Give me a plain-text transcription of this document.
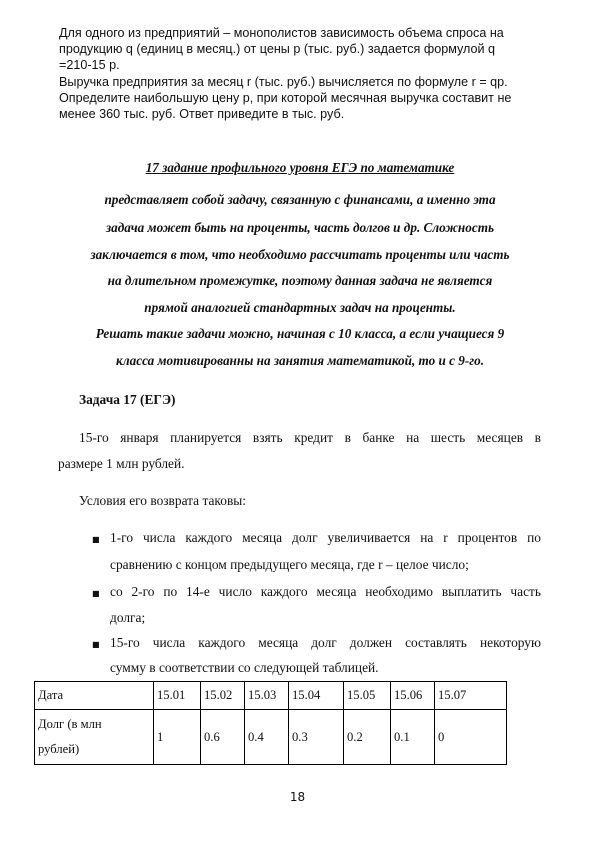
Для одного из предприятий – монополистов зависимость объема спроса на
продукцию q (единиц в месяц.) от цены p (тыс. руб.) задается формулой q
=210-15 p.
Выручка предприятия за месяц r (тыс. руб.) вычисляется по формуле r = qp.
Определите наибольшую цену p, при которой месячная выручка составит не
менее 360 тыс. руб. Ответ приведите в тыс. руб.
17 задание профильного уровня ЕГЭ по математике
представляет собой задачу, связанную с финансами, а именно эта
задача может быть на проценты, часть долгов и др. Сложность
заключается в том, что необходимо рассчитать проценты или часть
на длительном промежутке, поэтому данная задача не является
прямой аналогией стандартных задач на проценты.
Решать такие задачи можно, начиная с 10 класса, а если учащиеся 9
класса мотивированны на занятия математикой, то и с 9-го.
Задача 17 (ЕГЭ)
15-го января планируется взять кредит в банке на шесть месяцев в
размере 1 млн рублей.
Условия его возврата таковы:
■ 1-го числа каждого месяца долг увеличивается на r процентов по
сравнению с концом предыдущего месяца, где r – целое число;
■ со 2-го по 14-е число каждого месяца необходимо выплатить часть
долга;
■ 15-го числа каждого месяца долг должен составлять некоторую
сумму в соответствии со следующей таблицей.
Дата	15.01	15.02	15.03	15.04	15.05	15.06	15.07

Долг (в млн
рублей)	1	0.6	0.4	0.3	0.2	0.1	0
18
